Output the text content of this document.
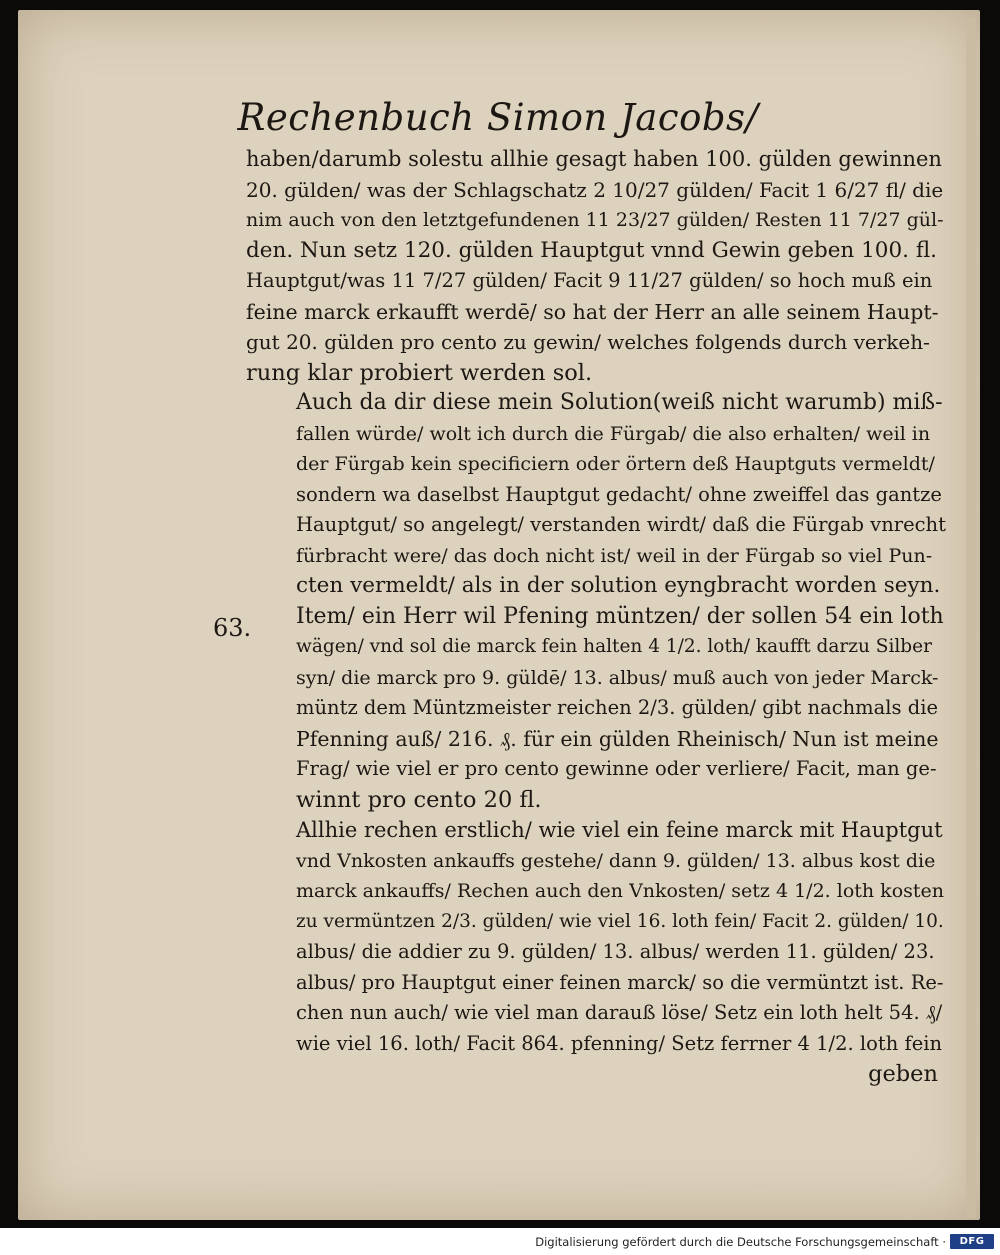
Rechenbuch Simon Jacobs/
63.

haben/darumb solestu allhie gesagt haben 100. gülden gewinnen
20. gülden/ was der Schlagschatz 2 10/27 gülden/ Facit 1 6/27 fl/ die
nim auch von den letztgefundenen 11 23/27 gülden/ Resten 11 7/27 gül-
den. Nun setz 120. gülden Hauptgut vnnd Gewin geben 100. fl.
Hauptgut/was 11 7/27 gülden/ Facit 9 11/27 gülden/ so hoch muß ein
feine marck erkaufft werdē/ so hat der Herr an alle seinem Haupt-
gut 20. gülden pro cento zu gewin/ welches folgends durch verkeh-
rung klar probiert werden sol.

Auch da dir diese mein Solution(weiß nicht warumb) miß-
fallen würde/ wolt ich durch die Fürgab/ die also erhalten/ weil in
der Fürgab kein specificiern oder örtern deß Hauptguts vermeldt/
sondern wa daselbst Hauptgut gedacht/ ohne zweiffel das gantze
Hauptgut/ so angelegt/ verstanden wirdt/ daß die Fürgab vnrecht
fürbracht were/ das doch nicht ist/ weil in der Fürgab so viel Pun-
cten vermeldt/ als in der solution eyngbracht worden seyn.

Item/ ein Herr wil Pfening müntzen/ der sollen 54 ein loth
wägen/ vnd sol die marck fein halten 4 1/2. loth/ kaufft darzu Silber
syn/ die marck pro 9. güldē/ 13. albus/ muß auch von jeder Marck-
müntz dem Müntzmeister reichen 2/3. gülden/ gibt nachmals die
Pfenning auß/ 216. ₰. für ein gülden Rheinisch/ Nun ist meine
Frag/ wie viel er pro cento gewinne oder verliere/ Facit, man ge-
winnt pro cento 20 fl.

Allhie rechen erstlich/ wie viel ein feine marck mit Hauptgut
vnd Vnkosten ankauffs gestehe/ dann 9. gülden/ 13. albus kost die
marck ankauffs/ Rechen auch den Vnkosten/ setz 4 1/2. loth kosten
zu vermüntzen 2/3. gülden/ wie viel 16. loth fein/ Facit 2. gülden/ 10.
albus/ die addier zu 9. gülden/ 13. albus/ werden 11. gülden/ 23.
albus/ pro Hauptgut einer feinen marck/ so die vermüntzt ist. Re-
chen nun auch/ wie viel man darauß löse/ Setz ein loth helt 54. ₰/
wie viel 16. loth/ Facit 864. pfenning/ Setz ferrner 4 1/2. loth fein

geben
Digitalisierung gefördert durch die Deutsche Forschungsgemeinschaft ·	DFG
